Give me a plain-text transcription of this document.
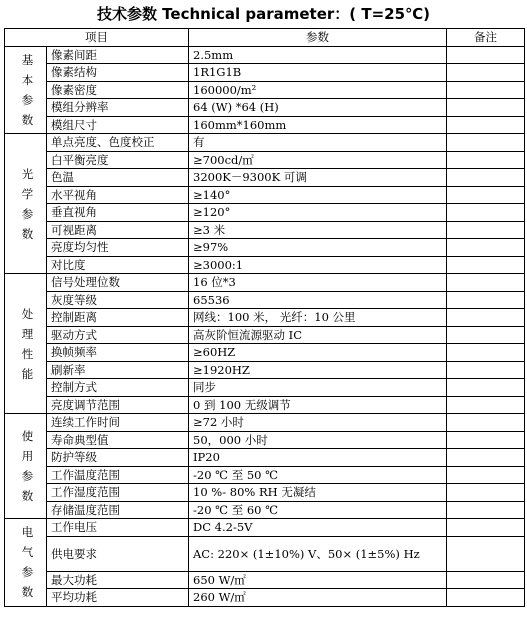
技术参数 Technical parameter：( T=25℃)
项目		参数	备注

基
本
参
数	像素间距	2.5mm	
	像素结构	1R1G1B	
	像素密度	160000/m²	
	模组分辨率	64 (W) *64 (H)	
	模组尺寸	160mm*160mm	

光
学
参
数	单点亮度、色度校正	有	
	白平衡亮度	≥700cd/㎡	
	色温	3200K－9300K 可调	
	水平视角	≥140°	
	垂直视角	≥120°	
	可视距离	≥3 米	
	亮度均匀性	≥97%	
	对比度	≥3000:1	

处
理
性
能	信号处理位数	16 位*3	
	灰度等级	65536	
	控制距离	网线：100 米， 光纤：10 公里	
	驱动方式	高灰阶恒流源驱动 IC	
	换帧频率	≥60HZ	
	刷新率	≥1920HZ	
	控制方式	同步	
	亮度调节范围	0 到 100 无级调节	

使
用
参
数	连续工作时间	≥72 小时	
	寿命典型值	50，000 小时	
	防护等级	IP20	
	工作温度范围	-20 ℃ 至 50 ℃	
	工作湿度范围	10 %- 80% RH 无凝结	
	存储温度范围	-20 ℃ 至 60 ℃	

电
气
参
数	工作电压	DC 4.2-5V	
	供电要求	AC: 220× (1±10%) V、50× (1±5%) Hz	
	最大功耗	650 W/㎡	
	平均功耗	260 W/㎡	
